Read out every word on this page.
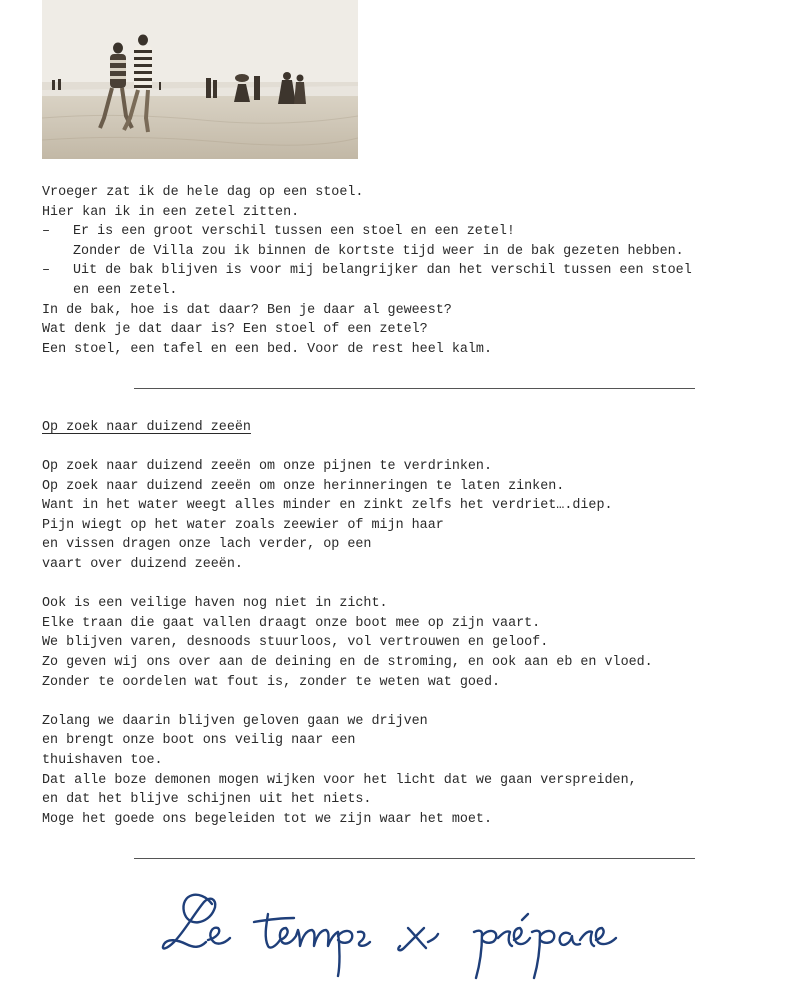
Vroeger zat ik de hele dag op een stoel.
Hier kan ik in een zetel zitten.
– Er is een groot verschil tussen een stoel en een zetel!
Zonder de Villa zou ik binnen de kortste tijd weer in de bak gezeten hebben.
– Uit de bak blijven is voor mij belangrijker dan het verschil tussen een stoel
en een zetel.
In de bak, hoe is dat daar? Ben je daar al geweest?
Wat denk je dat daar is? Een stoel of een zetel?
Een stoel, een tafel en een bed. Voor de rest heel kalm.
Op zoek naar duizend zeeën
Op zoek naar duizend zeeën om onze pijnen te verdrinken.
Op zoek naar duizend zeeën om onze herinneringen te laten zinken.
Want in het water weegt alles minder en zinkt zelfs het verdriet….diep.
Pijn wiegt op het water zoals zeewier of mijn haar
en vissen dragen onze lach verder, op een
vaart over duizend zeeën.
Ook is een veilige haven nog niet in zicht.
Elke traan die gaat vallen draagt onze boot mee op zijn vaart.
We blijven varen, desnoods stuurloos, vol vertrouwen en geloof.
Zo geven wij ons over aan de deining en de stroming, en ook aan eb en vloed.
Zonder te oordelen wat fout is, zonder te weten wat goed.
Zolang we daarin blijven geloven gaan we drijven
en brengt onze boot ons veilig naar een
thuishaven toe.
Dat alle boze demonen mogen wijken voor het licht dat we gaan verspreiden,
en dat het blijve schijnen uit het niets.
Moge het goede ons begeleiden tot we zijn waar het moet.
